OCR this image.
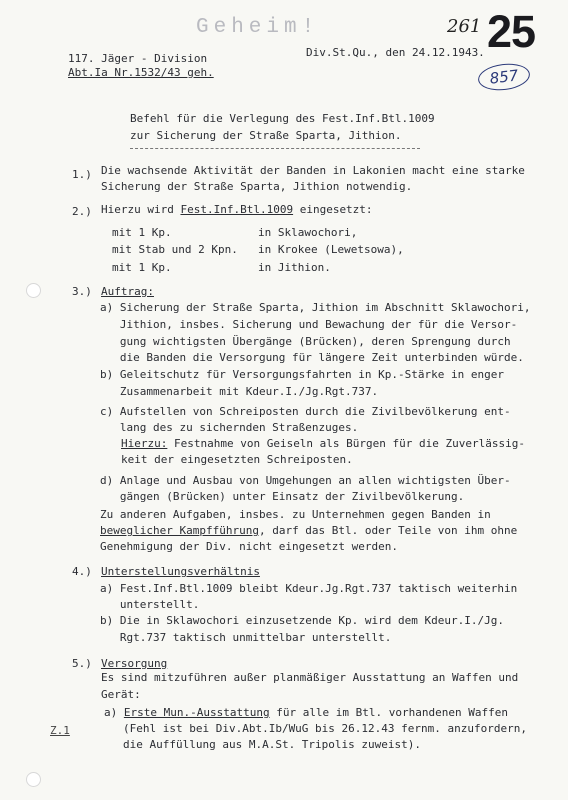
Geheim!	261 25
857
117. Jäger - Division
Abt.Ia Nr.1532/43 geh.
Div.St.Qu., den 24.12.1943.
Befehl für die Verlegung des Fest.Inf.Btl.1009
zur Sicherung der Straße Sparta, Jithion.
1.) Die wachsende Aktivität der Banden in Lakonien macht eine starke
Sicherung der Straße Sparta, Jithion notwendig.
2.) Hierzu wird Fest.Inf.Btl.1009 eingesetzt:
mit 1 Kp.	in Sklawochori,
mit Stab und 2 Kpn. in Krokee (Lewetsowa),
mit 1 Kp.	in Jithion.
3.) Auftrag:
a) Sicherung der Straße Sparta, Jithion im Abschnitt Sklawochori,
Jithion, insbes. Sicherung und Bewachung der für die Versor-
gung wichtigsten Übergänge (Brücken), deren Sprengung durch
die Banden die Versorgung für längere Zeit unterbinden würde.
b) Geleitschutz für Versorgungsfahrten in Kp.-Stärke in enger
Zusammenarbeit mit Kdeur.I./Jg.Rgt.737.
c) Aufstellen von Schreiposten durch die Zivilbevölkerung ent-
lang des zu sichernden Straßenzuges.
Hierzu: Festnahme von Geiseln als Bürgen für die Zuverlässig-
keit der eingesetzten Schreiposten.
d) Anlage und Ausbau von Umgehungen an allen wichtigsten Über-
gängen (Brücken) unter Einsatz der Zivilbevölkerung.
Zu anderen Aufgaben, insbes. zu Unternehmen gegen Banden in
beweglicher Kampfführung, darf das Btl. oder Teile von ihm ohne
Genehmigung der Div. nicht eingesetzt werden.
4.) Unterstellungsverhältnis
a) Fest.Inf.Btl.1009 bleibt Kdeur.Jg.Rgt.737 taktisch weiterhin
unterstellt.
b) Die in Sklawochori einzusetzende Kp. wird dem Kdeur.I./Jg.
Rgt.737 taktisch unmittelbar unterstellt.
5.) Versorgung
Es sind mitzuführen außer planmäßiger Ausstattung an Waffen und
Gerät:
a) Erste Mun.-Ausstattung für alle im Btl. vorhandenen Waffen
(Fehl ist bei Div.Abt.Ib/WuG bis 26.12.43 fernm. anzufordern,
die Auffüllung aus M.A.St. Tripolis zuweist).
Z.1
